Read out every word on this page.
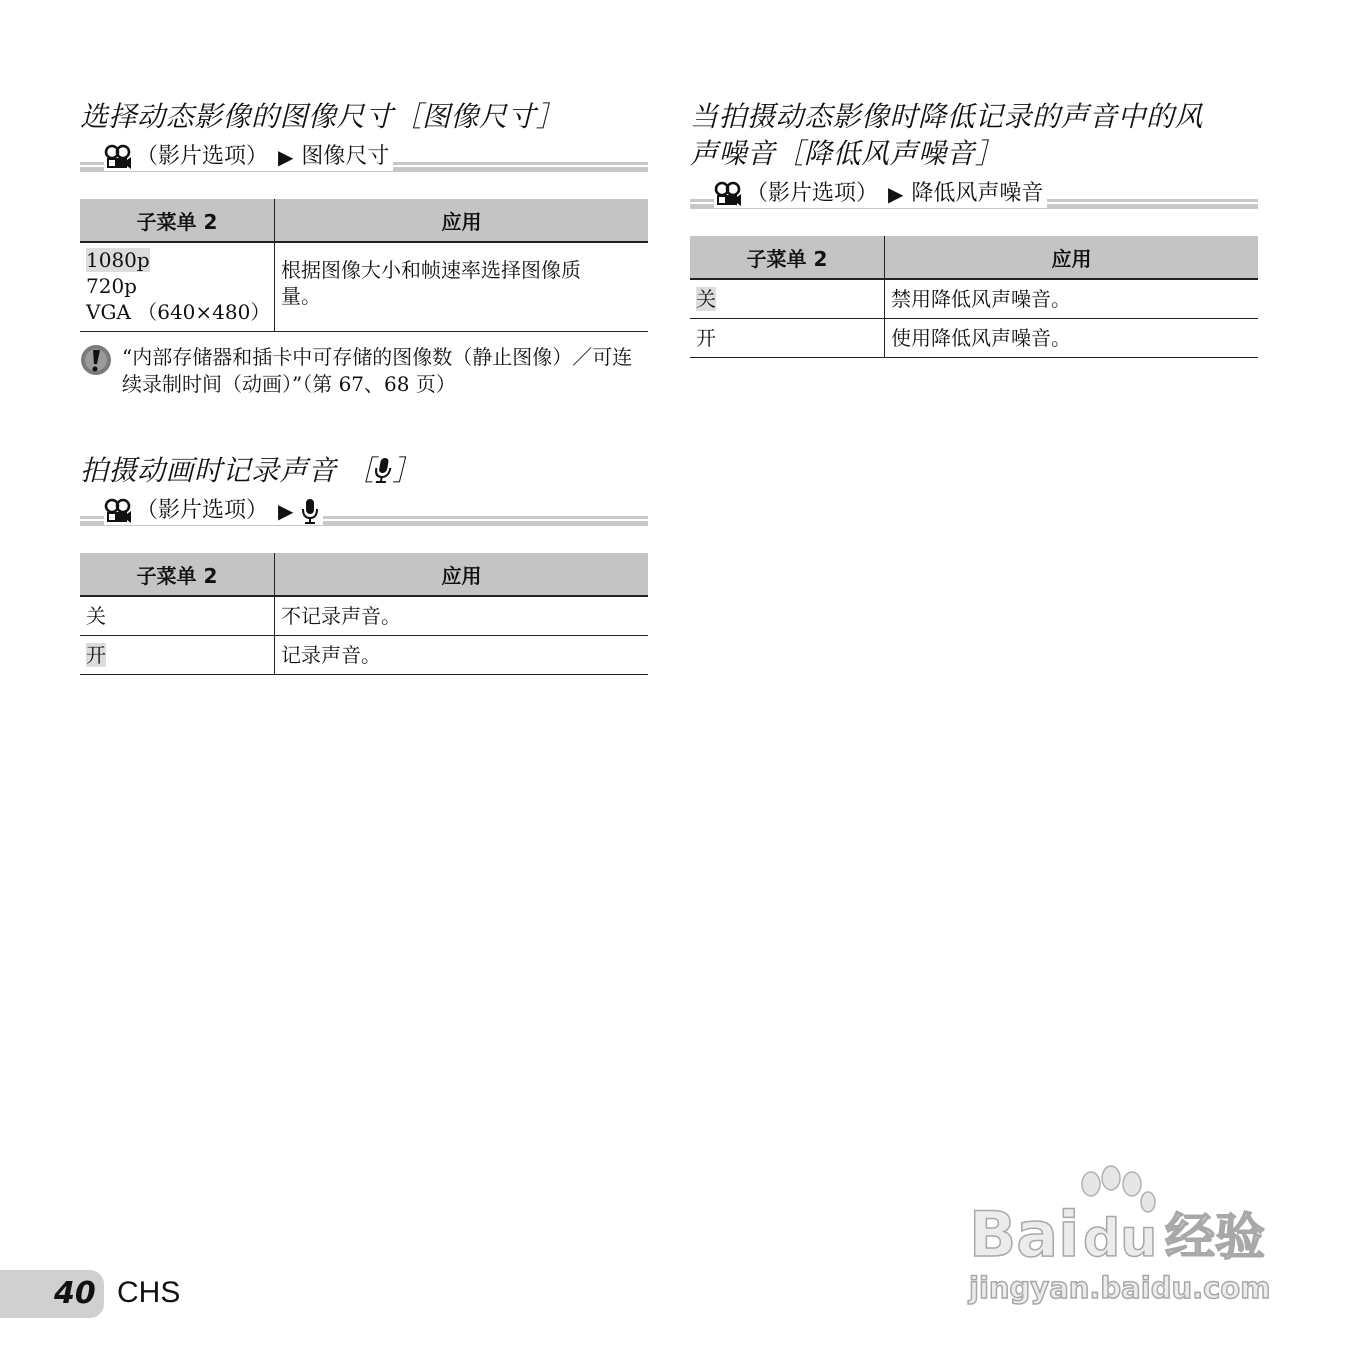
选择动态影像的图像尺寸［图像尺寸］
（影片选项） ▶ 图像尺寸
子菜单 2	应用

1080p
720p
VGA （640×480）	根据图像大小和帧速率选择图像质量。
“内部存储器和插卡中可存储的图像数（静止图像）／可连续录制时间（动画）”（第 67、68 页）
拍摄动画时记录声音 ［ ］
（影片选项） ▶
子菜单 2	应用
关	不记录声音。
开	记录声音。
当拍摄动态影像时降低记录的声音中的风
声噪音［降低风声噪音］
（影片选项） ▶ 降低风声噪音
子菜单 2	应用
关	禁用降低风声噪音。
开	使用降低风声噪音。
40 CHS
Bai du 经验
jingyan.baidu.com
